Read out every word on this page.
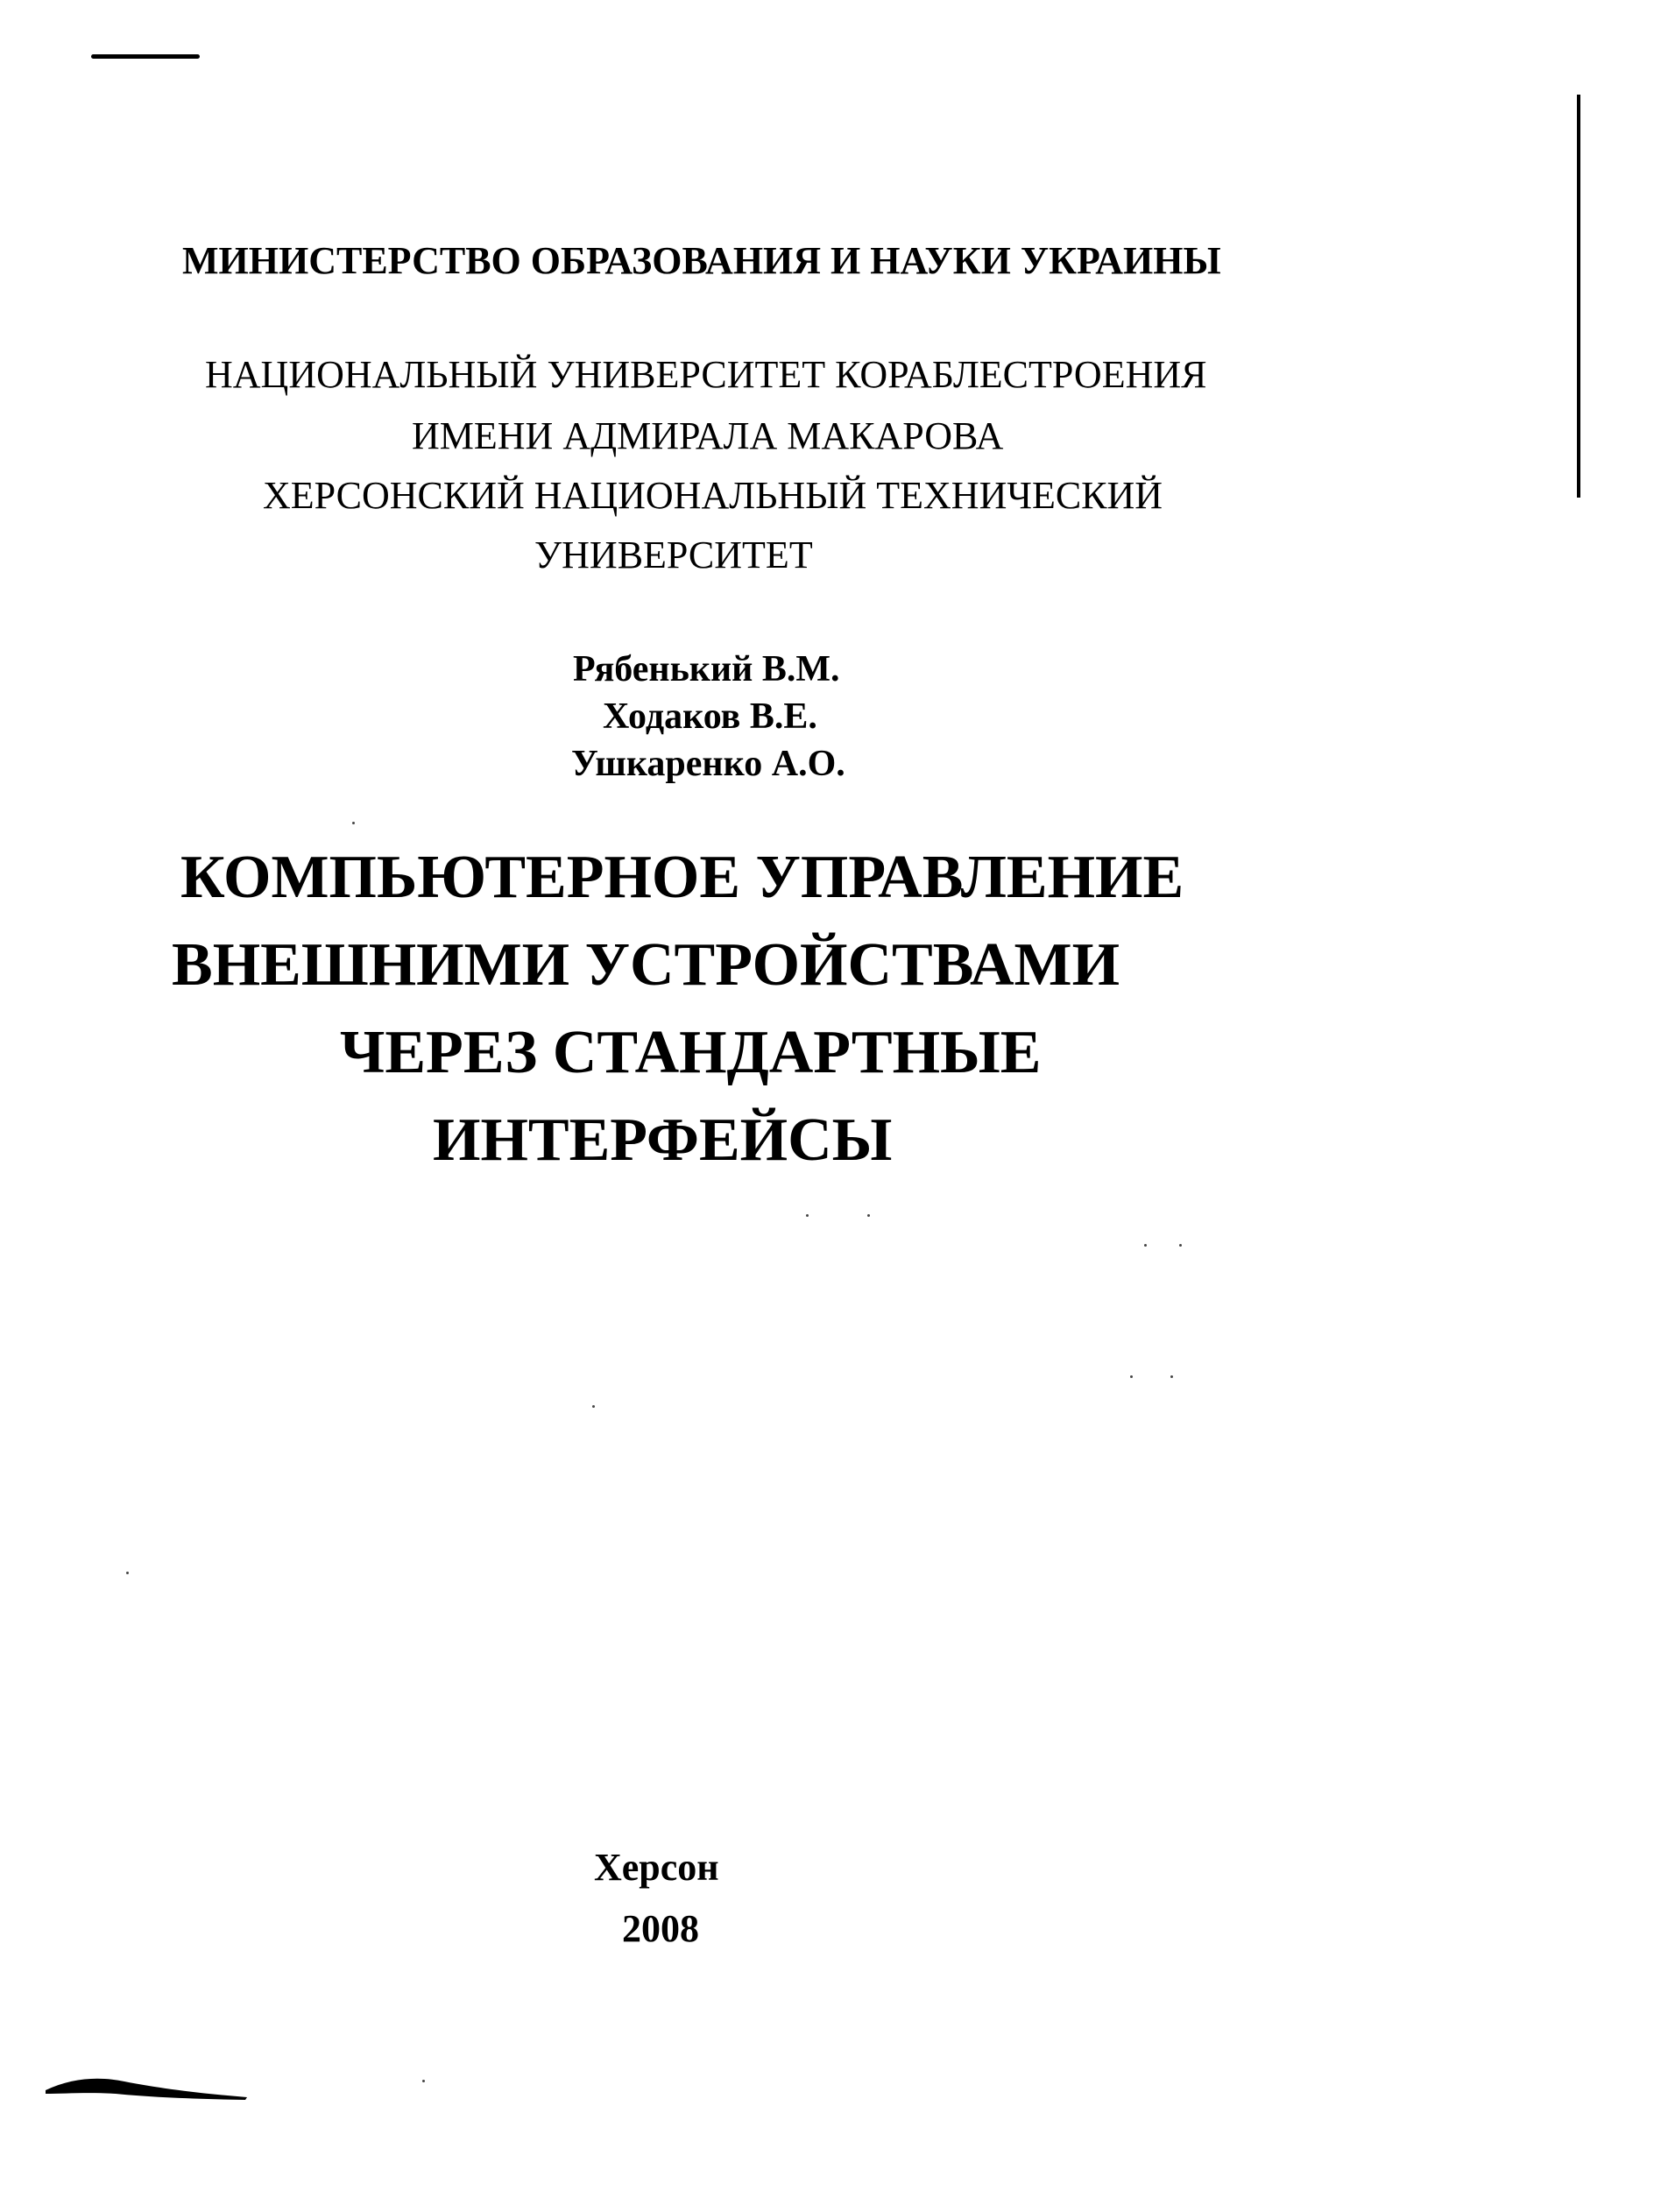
МИНИСТЕРСТВО ОБРАЗОВАНИЯ И НАУКИ УКРАИНЫ

НАЦИОНАЛЬНЫЙ УНИВЕРСИТЕТ КОРАБЛЕСТРОЕНИЯ

ИМЕНИ АДМИРАЛА МАКАРОВА

ХЕРСОНСКИЙ НАЦИОНАЛЬНЫЙ ТЕХНИЧЕСКИЙ

УНИВЕРСИТЕТ

Рябенький В.М.

Ходаков В.Е.

Ушкаренко А.О.

КОМПЬЮТЕРНОЕ УПРАВЛЕНИЕ

ВНЕШНИМИ УСТРОЙСТВАМИ

ЧЕРЕЗ СТАНДАРТНЫЕ

ИНТЕРФЕЙСЫ

Херсон

2008
